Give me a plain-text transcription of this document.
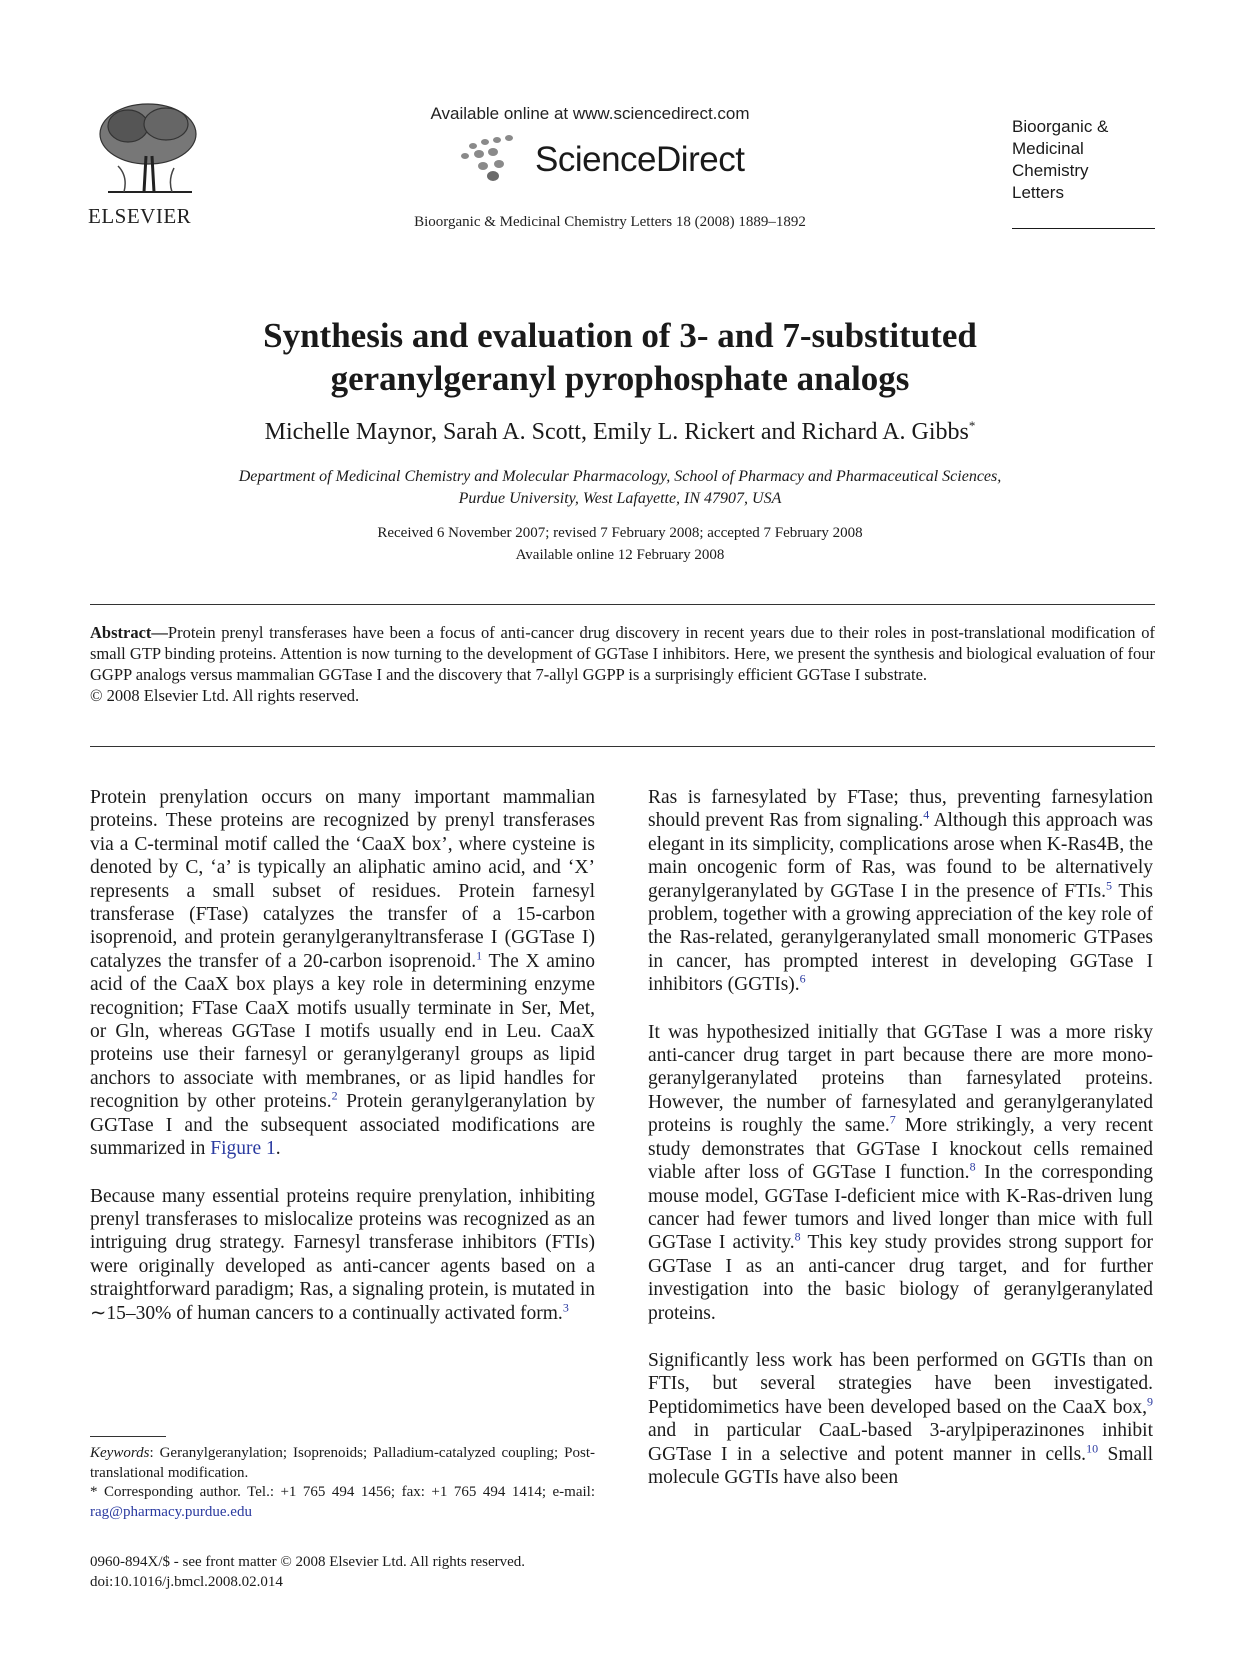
ELSEVIER
Available online at www.sciencedirect.com
ScienceDirect
Bioorganic & Medicinal Chemistry Letters 18 (2008) 1889–1892
Bioorganic &
Medicinal
Chemistry
Letters
Synthesis and evaluation of 3- and 7-substituted
geranylgeranyl pyrophosphate analogs
Michelle Maynor, Sarah A. Scott, Emily L. Rickert and Richard A. Gibbs*
Department of Medicinal Chemistry and Molecular Pharmacology, School of Pharmacy and Pharmaceutical Sciences,
Purdue University, West Lafayette, IN 47907, USA
Received 6 November 2007; revised 7 February 2008; accepted 7 February 2008
Available online 12 February 2008
Abstract—Protein prenyl transferases have been a focus of anti-cancer drug discovery in recent years due to their roles in post-translational modification of small GTP binding proteins. Attention is now turning to the development of GGTase I inhibitors. Here, we present the synthesis and biological evaluation of four GGPP analogs versus mammalian GGTase I and the discovery that 7-allyl GGPP is a surprisingly efficient GGTase I substrate.
© 2008 Elsevier Ltd. All rights reserved.

Protein prenylation occurs on many important mammalian proteins. These proteins are recognized by prenyl transferases via a C-terminal motif called the ‘CaaX box’, where cysteine is denoted by C, ‘a’ is typically an aliphatic amino acid, and ‘X’ represents a small subset of residues. Protein farnesyl transferase (FTase) catalyzes the transfer of a 15-carbon isoprenoid, and protein geranylgeranyltransferase I (GGTase I) catalyzes the transfer of a 20-carbon isoprenoid.$^1$ The X amino acid of the CaaX box plays a key role in determining enzyme recognition; FTase CaaX motifs usually terminate in Ser, Met, or Gln, whereas GGTase I motifs usually end in Leu. CaaX proteins use their farnesyl or geranylgeranyl groups as lipid anchors to associate with membranes, or as lipid handles for recognition by other proteins.$^2$ Protein geranylgeranylation by GGTase I and the subsequent associated modifications are summarized in Figure 1.

Because many essential proteins require prenylation, inhibiting prenyl transferases to mislocalize proteins was recognized as an intriguing drug strategy. Farnesyl transferase inhibitors (FTIs) were originally developed as anti-cancer agents based on a straightforward paradigm; Ras, a signaling protein, is mutated in ∼15–30% of human cancers to a continually activated form.$^3$

Ras is farnesylated by FTase; thus, preventing farnesylation should prevent Ras from signaling.$^4$ Although this approach was elegant in its simplicity, complications arose when K-Ras4B, the main oncogenic form of Ras, was found to be alternatively geranylgeranylated by GGTase I in the presence of FTIs.$^5$ This problem, together with a growing appreciation of the key role of the Ras-related, geranylgeranylated small monomeric GTPases in cancer, has prompted interest in developing GGTase I inhibitors (GGTIs).$^6$

It was hypothesized initially that GGTase I was a more risky anti-cancer drug target in part because there are more mono-geranylgeranylated proteins than farnesylated proteins. However, the number of farnesylated and geranylgeranylated proteins is roughly the same.$^7$ More strikingly, a very recent study demonstrates that GGTase I knockout cells remained viable after loss of GGTase I function.$^8$ In the corresponding mouse model, GGTase I-deficient mice with K-Ras-driven lung cancer had fewer tumors and lived longer than mice with full GGTase I activity.$^8$ This key study provides strong support for GGTase I as an anti-cancer drug target, and for further investigation into the basic biology of geranylgeranylated proteins.

Significantly less work has been performed on GGTIs than on FTIs, but several strategies have been investigated. Peptidomimetics have been developed based on the CaaX box,$^9$ and in particular CaaL-based 3-arylpiperazinones inhibit GGTase I in a selective and potent manner in cells.$^{10}$ Small molecule GGTIs have also been

Keywords: Geranylgeranylation; Isoprenoids; Palladium-catalyzed coupling; Post-translational modification.

* Corresponding author. Tel.: +1 765 494 1456; fax: +1 765 494 1414; e-mail: rag@pharmacy.purdue.edu

0960-894X/$ - see front matter © 2008 Elsevier Ltd. All rights reserved.
doi:10.1016/j.bmcl.2008.02.014
